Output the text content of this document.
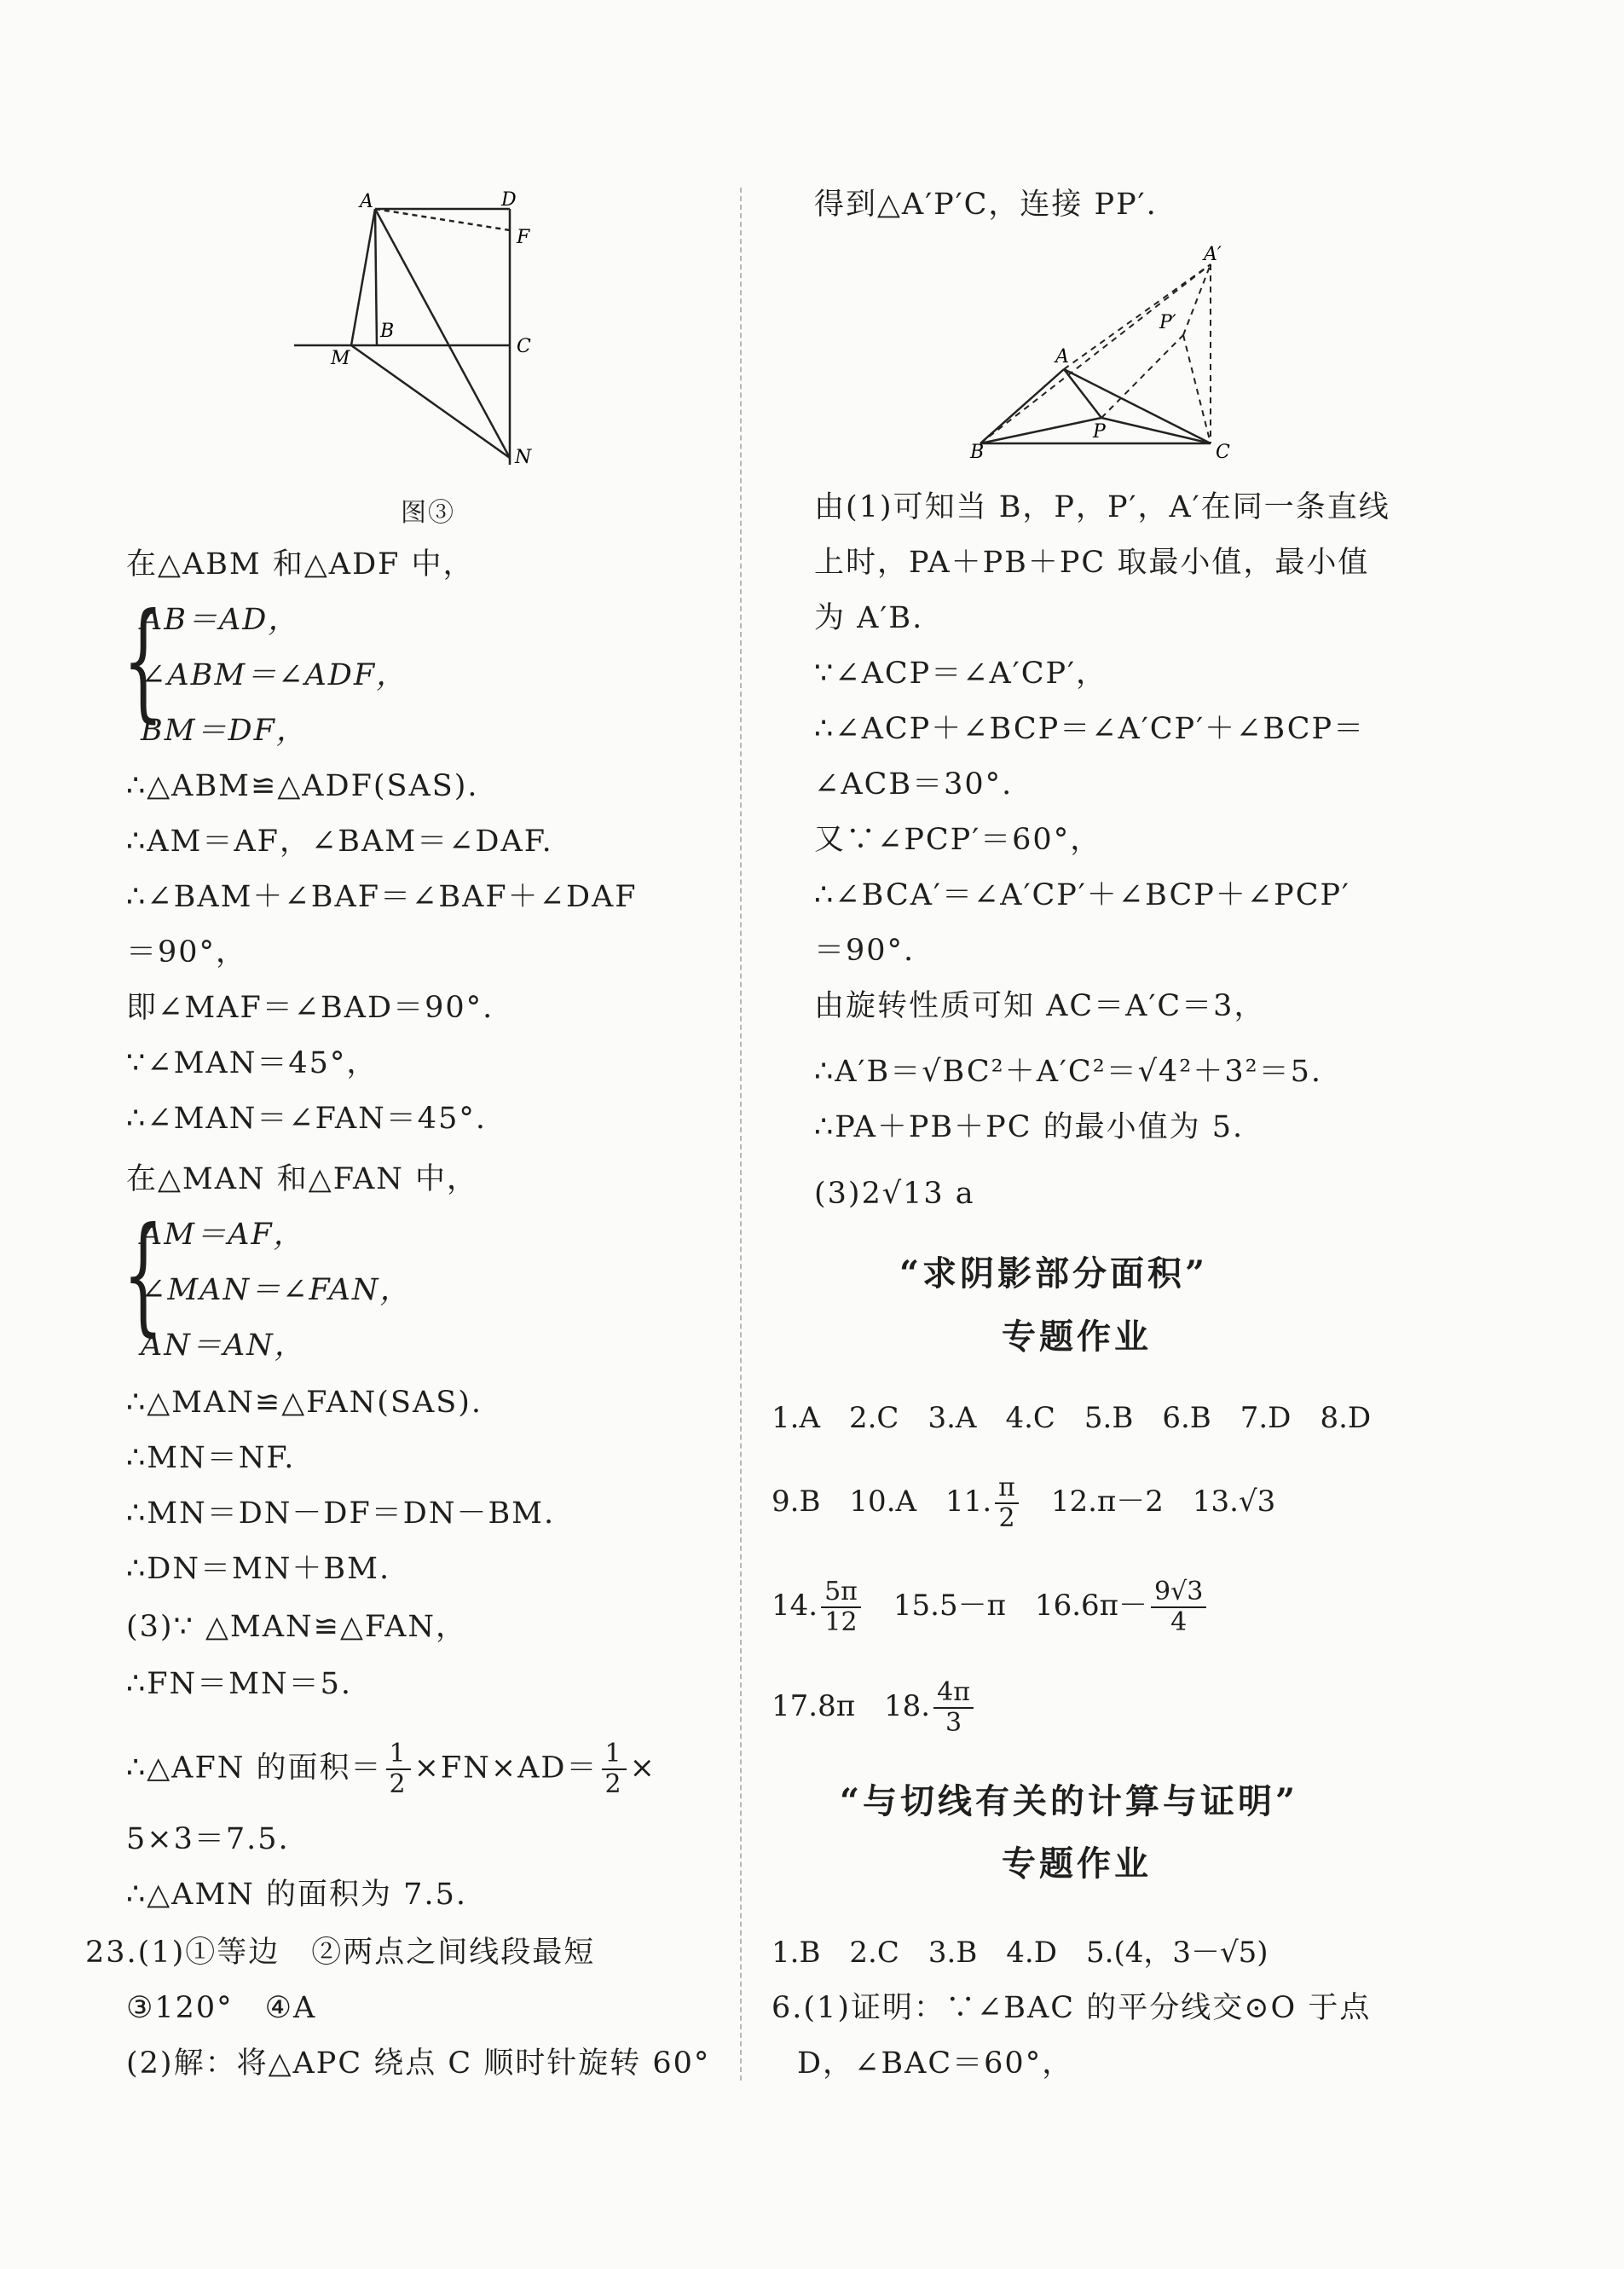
A	D
F
B
C
M
N
图③
在△ABM 和△ADF 中，
{
AB＝AD，
∠ABM＝∠ADF，
BM＝DF，
∴△ABM≌△ADF(SAS).
∴AM＝AF，∠BAM＝∠DAF.
∴∠BAM＋∠BAF＝∠BAF＋∠DAF
＝90°，
即∠MAF＝∠BAD＝90°.
∵∠MAN＝45°，
∴∠MAN＝∠FAN＝45°.
在△MAN 和△FAN 中，
{
AM＝AF，
∠MAN＝∠FAN，
AN＝AN，
∴△MAN≌△FAN(SAS).
∴MN＝NF.
∴MN＝DN－DF＝DN－BM.
∴DN＝MN＋BM.
(3)∵ △MAN≌△FAN，
∴FN＝MN＝5.
∴△AFN 的面积＝ $\frac{1}{2} \times FN\times AD= \frac{1}{2}$ ×
5×3＝7.5.
∴△AMN 的面积为 7.5.
23.(1)①等边　②两点之间线段最短
③120°　④A
(2)解：将△APC 绕点 C 顺时针旋转 60°
得到△A′P′C，连接 PP′.
A′
P′
A
P
B	C
由(1)可知当 B，P，P′，A′在同一条直线
上时，PA＋PB＋PC 取最小值，最小值
为 A′B.
∵∠ACP＝∠A′CP′，
∴∠ACP＋∠BCP＝∠A′CP′＋∠BCP＝
∠ACB＝30°.
又∵∠PCP′＝60°，
∴∠BCA′＝∠A′CP′＋∠BCP＋∠PCP′
＝90°.
由旋转性质可知 AC＝A′C＝3，
∴A′B＝√BC²＋A′C²＝√4²＋3²＝5.
∴PA＋PB＋PC 的最小值为 5.
(3)2√13 a
“求阴影部分面积”
专题作业
1.A　2.C　3.A　4.C　5.B　6.B　7.D　8.D
9.B　10.A　11. $\frac{\pi}{2}$ 　12.π－2　13.√3
14. $\frac{5\pi}{12}$ 　15.5－π　$16.6\pi- \frac{9√3}{4}$
17.8π　18. $\frac{4\pi}{3}$
“与切线有关的计算与证明”
专题作业
1.B　2.C　3.B　4.D　5.(4，3－√5)
6.(1)证明：∵∠BAC 的平分线交⊙O 于点
D，∠BAC＝60°，
